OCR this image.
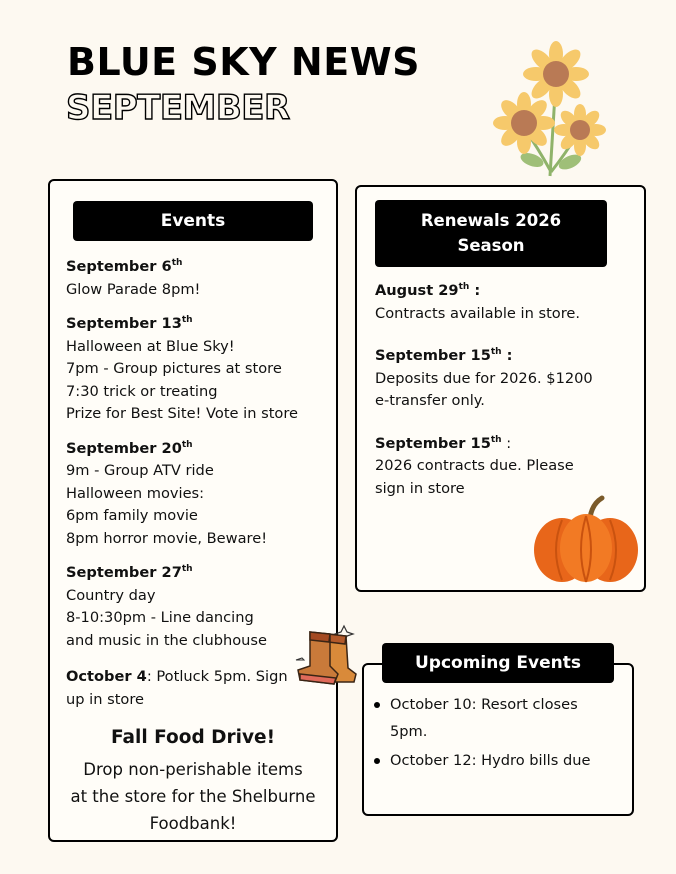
BLUE SKY NEWS
SEPTEMBER
Events
September 6th
Glow Parade 8pm!
September 13th
Halloween at Blue Sky!
7pm - Group pictures at store
7:30 trick or treating
Prize for Best Site! Vote in store
September 20th
9m - Group ATV ride
Halloween movies:
6pm family movie
8pm horror movie, Beware!
September 27th
Country day
8-10:30pm - Line dancing
and music in the clubhouse
October 4: Potluck 5pm. Sign
up in store
Fall Food Drive!
Drop non-perishable items
at the store for the Shelburne
Foodbank!
Renewals 2026
Season
August 29th :
Contracts available in store.
September 15th :
Deposits due for 2026. $1200
e-transfer only.
September 15th :
2026 contracts due. Please
sign in store
Upcoming Events
October 10: Resort closes
5pm.
October 12: Hydro bills due
